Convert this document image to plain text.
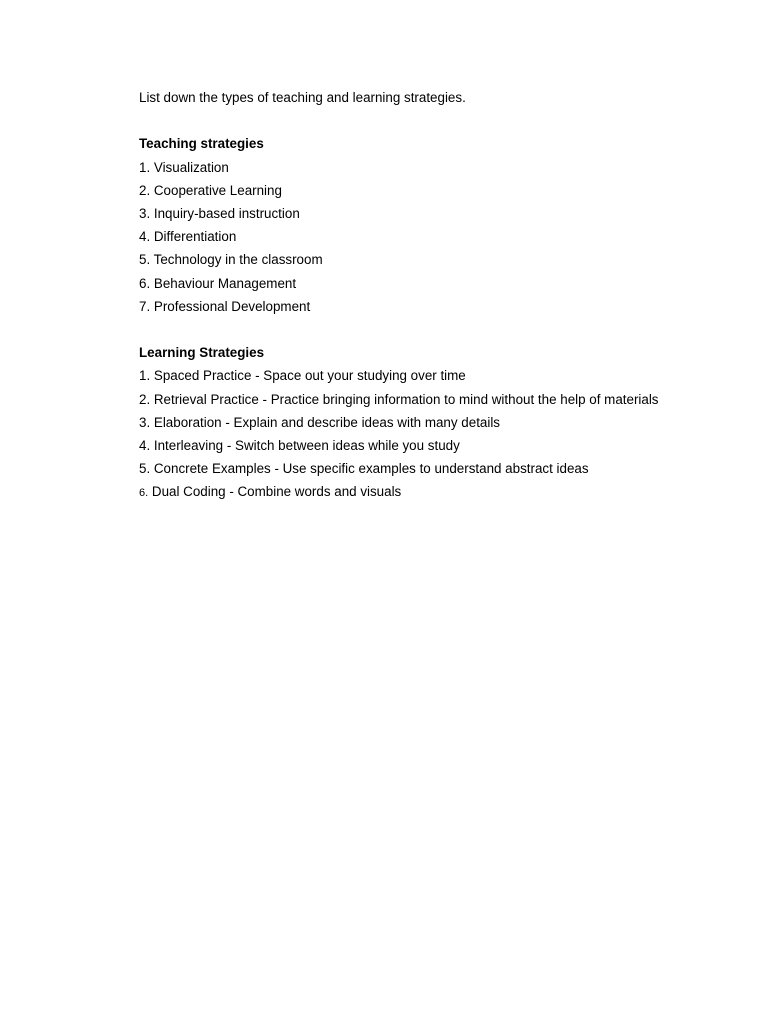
List down the types of teaching and learning strategies.

Teaching strategies

1. Visualization

2. Cooperative Learning

3. Inquiry-based instruction

4. Differentiation

5. Technology in the classroom

6. Behaviour Management

7. Professional Development

Learning Strategies

1. Spaced Practice - Space out your studying over time

2. Retrieval Practice - Practice bringing information to mind without the help of materials

3. Elaboration - Explain and describe ideas with many details

4. Interleaving - Switch between ideas while you study

5. Concrete Examples - Use specific examples to understand abstract ideas

6. Dual Coding - Combine words and visuals
